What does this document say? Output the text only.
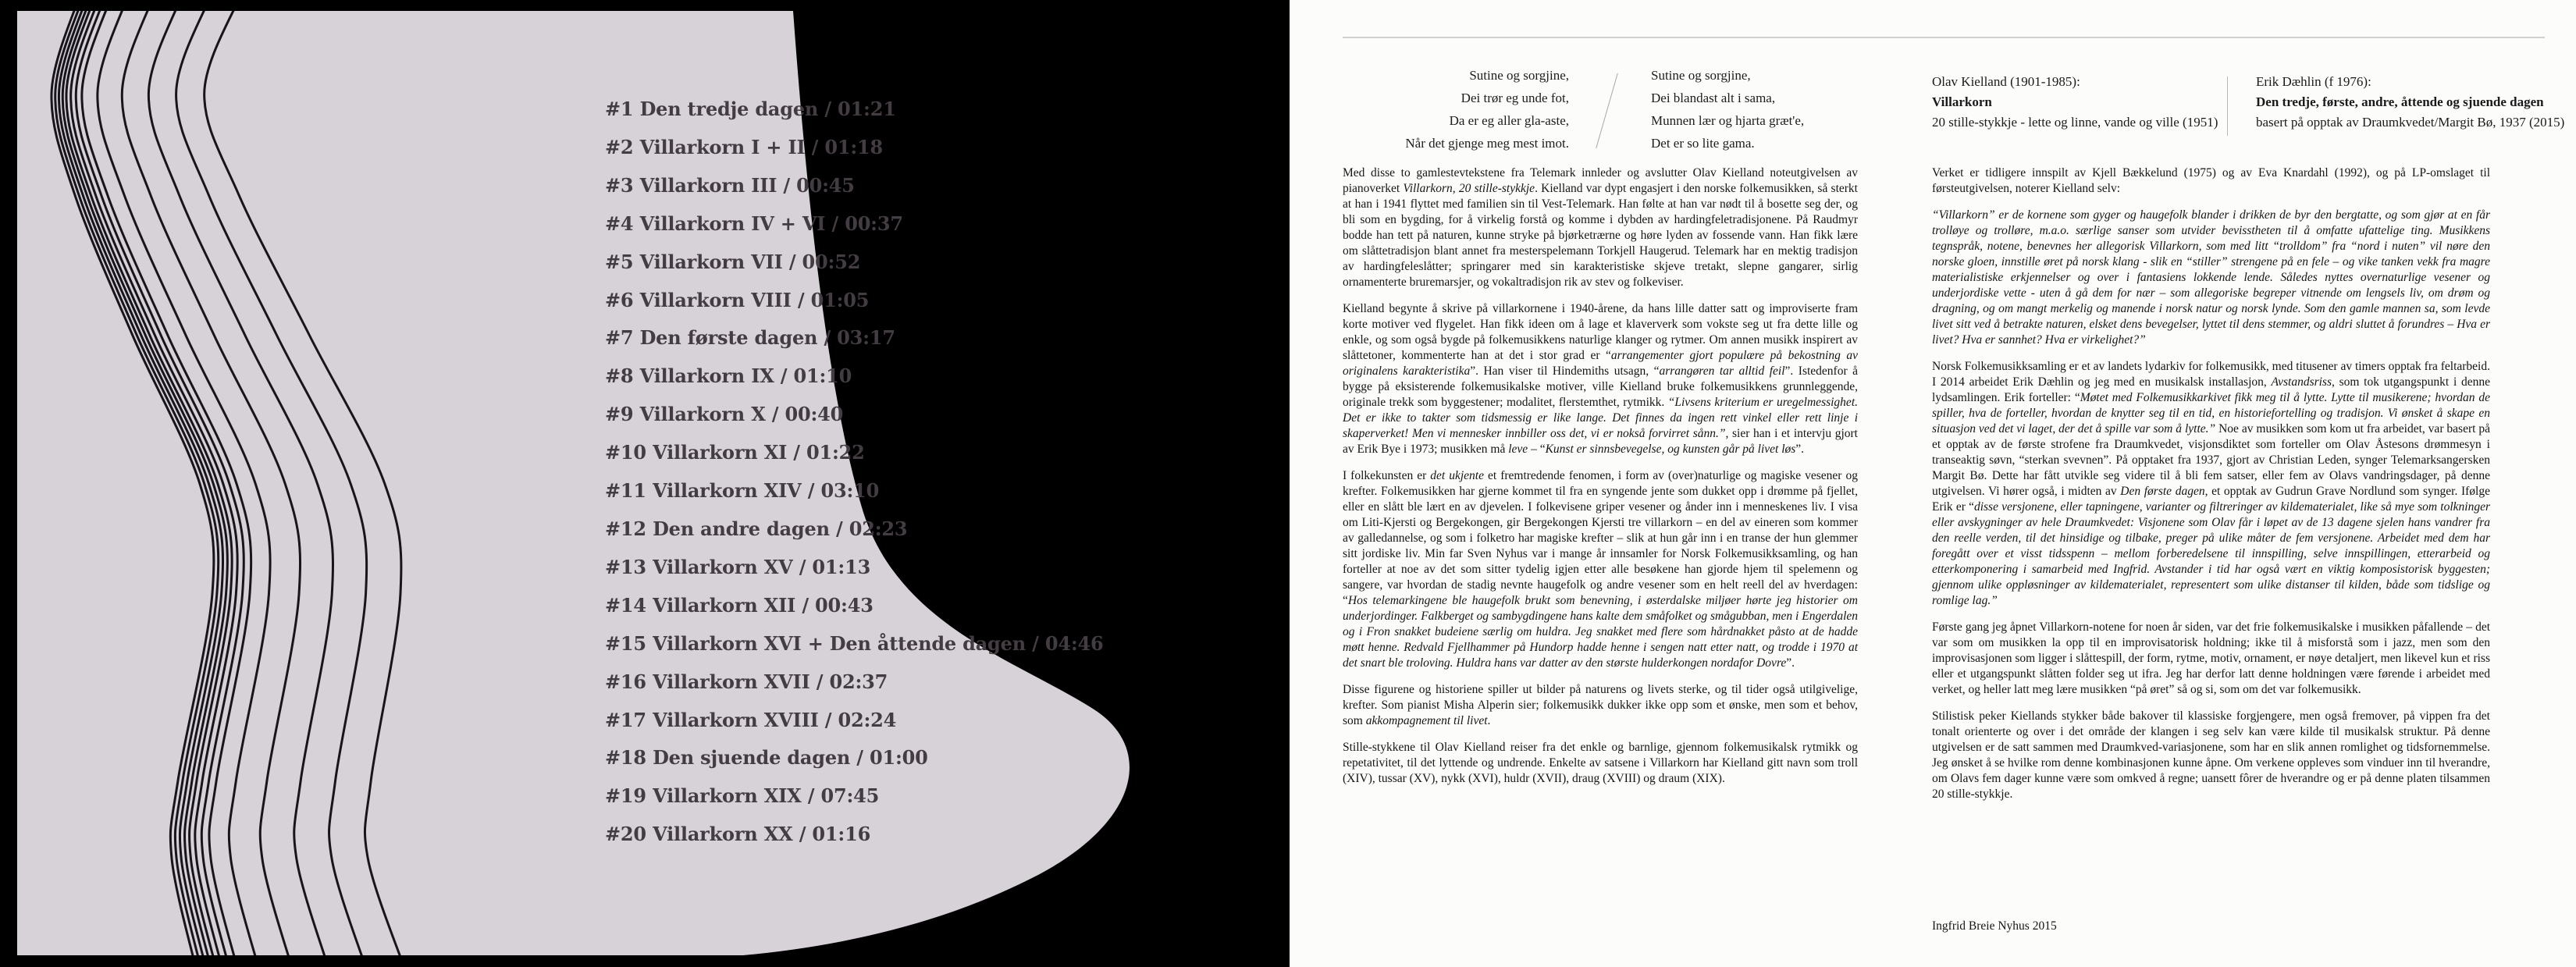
#1 Den tredje dagen / 01:21
#2 Villarkorn I + II / 01:18
#3 Villarkorn III / 00:45
#4 Villarkorn IV + VI / 00:37
#5 Villarkorn VII / 00:52
#6 Villarkorn VIII / 01:05
#7 Den første dagen / 03:17
#8 Villarkorn IX / 01:10
#9 Villarkorn X / 00:40
#10 Villarkorn XI / 01:22
#11 Villarkorn XIV / 03:10
#12 Den andre dagen / 02:23
#13 Villarkorn XV / 01:13
#14 Villarkorn XII / 00:43
#15 Villarkorn XVI + Den åttende dagen / 04:46
#16 Villarkorn XVII / 02:37
#17 Villarkorn XVIII / 02:24
#18 Den sjuende dagen / 01:00
#19 Villarkorn XIX / 07:45
#20 Villarkorn XX / 01:16
Sutine og sorgjine,
Dei trør eg unde fot,
Da er eg aller gla-aste,
Når det gjenge meg mest imot.
Sutine og sorgjine,
Dei blandast alt i sama,
Munnen lær og hjarta græt'e,
Det er so lite gama.
Olav Kielland (1901-1985):
Villarkorn
20 stille-stykkje - lette og linne, vande og ville (1951)
Erik Dæhlin (f 1976):
Den tredje, første, andre, åttende og sjuende dagen
basert på opptak av Draumkvedet/Margit Bø, 1937 (2015)

Med disse to gamlestevtekstene fra Telemark innleder og avslutter Olav Kielland noteutgivelsen av pianoverket Villarkorn, 20 stille-stykkje. Kielland var dypt engasjert i den norske folkemusikken, så sterkt at han i 1941 flyttet med familien sin til Vest-Telemark. Han følte at han var nødt til å bosette seg der, og bli som en bygding, for å virkelig forstå og komme i dybden av hardingfeletradisjonene. På Raudmyr bodde han tett på naturen, kunne stryke på bjørketrærne og høre lyden av fossende vann. Han fikk lære om slåttetradisjon blant annet fra mesterspelemann Torkjell Haugerud. Telemark har en mektig tradisjon av hardingfeleslåtter; springarer med sin karakteristiske skjeve tretakt, slepne gangarer, sirlig ornamenterte bruremarsjer, og vokaltradisjon rik av stev og folkeviser.

Kielland begynte å skrive på villarkornene i 1940-årene, da hans lille datter satt og improviserte fram korte motiver ved flygelet. Han fikk ideen om å lage et klaververk som vokste seg ut fra dette lille og enkle, og som også bygde på folkemusikkens naturlige klanger og rytmer. Om annen musikk inspirert av slåttetoner, kommenterte han at det i stor grad er “arrangementer gjort populære på bekostning av originalens karakteristika”. Han viser til Hindemiths utsagn, “arrangøren tar alltid feil”. Istedenfor å bygge på eksisterende folkemusikalske motiver, ville Kielland bruke folkemusikkens grunnleggende, originale trekk som byggestener; modalitet, flerstemthet, rytmikk. “Livsens kriterium er uregelmessighet. Det er ikke to takter som tidsmessig er like lange. Det finnes da ingen rett vinkel eller rett linje i skaperverket! Men vi mennesker innbiller oss det, vi er nokså forvirret sånn.”, sier han i et intervju gjort av Erik Bye i 1973; musikken må leve – “Kunst er sinnsbevegelse, og kunsten går på livet løs”.

I folkekunsten er det ukjente et fremtredende fenomen, i form av (over)naturlige og magiske vesener og krefter. Folkemusikken har gjerne kommet til fra en syngende jente som dukket opp i drømme på fjellet, eller en slått ble lært en av djevelen. I folkevisene griper vesener og ånder inn i menneskenes liv. I visa om Liti-Kjersti og Bergekongen, gir Bergekongen Kjersti tre villarkorn – en del av eineren som kommer av galledannelse, og som i folketro har magiske krefter – slik at hun går inn i en transe der hun glemmer sitt jordiske liv. Min far Sven Nyhus var i mange år innsamler for Norsk Folkemusikksamling, og han forteller at noe av det som sitter tydelig igjen etter alle besøkene han gjorde hjem til spelemenn og sangere, var hvordan de stadig nevnte haugefolk og andre vesener som en helt reell del av hverdagen: “Hos telemarkingene ble haugefolk brukt som benevning, i østerdalske miljøer hørte jeg historier om underjordinger. Falkberget og sambygdingene hans kalte dem småfolket og smågubban, men i Engerdalen og i Fron snakket budeiene særlig om huldra. Jeg snakket med flere som hårdnakket påsto at de hadde møtt henne. Redvald Fjellhammer på Hundorp hadde henne i sengen natt etter natt, og trodde i 1970 at det snart ble troloving. Huldra hans var datter av den største hulderkongen nordafor Dovre”.

Disse figurene og historiene spiller ut bilder på naturens og livets sterke, og til tider også utilgivelige, krefter. Som pianist Misha Alperin sier; folkemusikk dukker ikke opp som et ønske, men som et behov, som akkompagnement til livet.

Stille-stykkene til Olav Kielland reiser fra det enkle og barnlige, gjennom folkemusikalsk rytmikk og repetativitet, til det lyttende og undrende. Enkelte av satsene i Villarkorn har Kielland gitt navn som troll (XIV), tussar (XV), nykk (XVI), huldr (XVII), draug (XVIII) og draum (XIX).

Verket er tidligere innspilt av Kjell Bækkelund (1975) og av Eva Knardahl (1992), og på LP-omslaget til førsteutgivelsen, noterer Kielland selv:

“Villarkorn” er de kornene som gyger og haugefolk blander i drikken de byr den bergtatte, og som gjør at en får trolløye og trolløre, m.a.o. særlige sanser som utvider bevisstheten til å omfatte ufattelige ting. Musikkens tegnspråk, notene, benevnes her allegorisk Villarkorn, som med litt “trolldom” fra “nord i nuten” vil nøre den norske gloen, innstille øret på norsk klang - slik en “stiller” strengene på en fele – og vike tanken vekk fra magre materialistiske erkjennelser og over i fantasiens lokkende lende. Således nyttes overnaturlige vesener og underjordiske vette - uten å gå dem for nær – som allegoriske begreper vitnende om lengsels liv, om drøm og dragning, og om mangt merkelig og manende i norsk natur og norsk lynde. Som den gamle mannen sa, som levde livet sitt ved å betrakte naturen, elsket dens bevegelser, lyttet til dens stemmer, og aldri sluttet å forundres – Hva er livet? Hva er sannhet? Hva er virkelighet?”

Norsk Folkemusikksamling er et av landets lydarkiv for folkemusikk, med titusener av timers opptak fra feltarbeid. I 2014 arbeidet Erik Dæhlin og jeg med en musikalsk installasjon, Avstandsriss, som tok utgangspunkt i denne lydsamlingen. Erik forteller: “Møtet med Folkemusikkarkivet fikk meg til å lytte. Lytte til musikerene; hvordan de spiller, hva de forteller, hvordan de knytter seg til en tid, en historiefortelling og tradisjon. Vi ønsket å skape en situasjon ved det vi laget, der det å spille var som å lytte.” Noe av musikken som kom ut fra arbeidet, var basert på et opptak av de første strofene fra Draumkvedet, visjonsdiktet som forteller om Olav Åstesons drømmesyn i transeaktig søvn, “sterkan svevnen”. På opptaket fra 1937, gjort av Christian Leden, synger Telemarksangersken Margit Bø. Dette har fått utvikle seg videre til å bli fem satser, eller fem av Olavs vandringsdager, på denne utgivelsen. Vi hører også, i midten av Den første dagen, et opptak av Gudrun Grave Nordlund som synger. Ifølge Erik er “disse versjonene, eller tapningene, varianter og filtreringer av kildematerialet, like så mye som tolkninger eller avskygninger av hele Draumkvedet: Visjonene som Olav får i løpet av de 13 dagene sjelen hans vandrer fra den reelle verden, til det hinsidige og tilbake, preger på ulike måter de fem versjonene. Arbeidet med dem har foregått over et visst tidsspenn – mellom forberedelsene til innspilling, selve innspillingen, etterarbeid og etterkomponering i samarbeid med Ingfrid. Avstander i tid har også vært en viktig komposistorisk byggesten; gjennom ulike oppløsninger av kildematerialet, representert som ulike distanser til kilden, både som tidslige og romlige lag.”

Første gang jeg åpnet Villarkorn-notene for noen år siden, var det frie folkemusikalske i musikken påfallende – det var som om musikken la opp til en improvisatorisk holdning; ikke til å misforstå som i jazz, men som den improvisasjonen som ligger i slåttespill, der form, rytme, motiv, ornament, er nøye detaljert, men likevel kun et riss eller et utgangspunkt slåtten folder seg ut ifra. Jeg har derfor latt denne holdningen være førende i arbeidet med verket, og heller latt meg lære musikken “på øret” så og si, som om det var folkemusikk.

Stilistisk peker Kiellands stykker både bakover til klassiske forgjengere, men også fremover, på vippen fra det tonalt orienterte og over i det område der klangen i seg selv kan være kilde til musikalsk struktur. På denne utgivelsen er de satt sammen med Draumkved-variasjonene, som har en slik annen romlighet og tidsfornemmelse. Jeg ønsket å se hvilke rom denne kombinasjonen kunne åpne. Om verkene oppleves som vinduer inn til hverandre, om Olavs fem dager kunne være som omkved å regne; uansett fôrer de hverandre og er på denne platen tilsammen 20 stille-stykkje.

Ingfrid Breie Nyhus 2015
